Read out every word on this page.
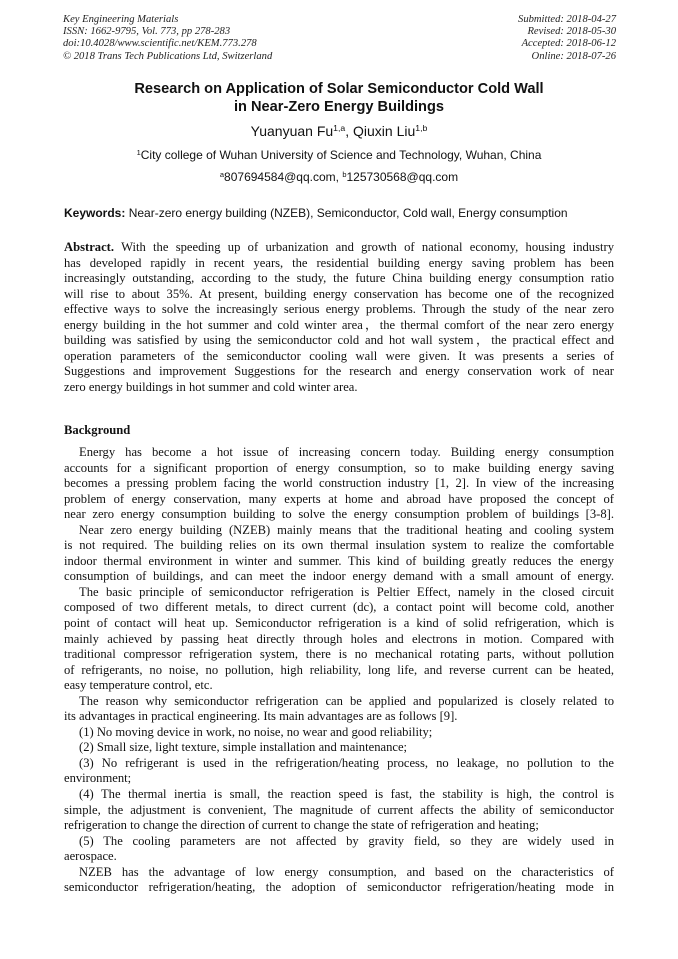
Key Engineering Materials
ISSN: 1662-9795, Vol. 773, pp 278-283
doi:10.4028/www.scientific.net/KEM.773.278
© 2018 Trans Tech Publications Ltd, Switzerland
Submitted: 2018-04-27
Revised: 2018-05-30
Accepted: 2018-06-12
Online: 2018-07-26
Research on Application of Solar Semiconductor Cold Wall
in Near-Zero Energy Buildings
Yuanyuan Fu$^{1,a}$, Qiuxin Liu$^{1,b}$
$^1$City college of Wuhan University of Science and Technology, Wuhan, China
$^a$807694584@qq.com, $^b$125730568@qq.com
Keywords: Near-zero energy building (NZEB), Semiconductor, Cold wall, Energy consumption
Abstract. With the speeding up of urbanization and growth of national economy, housing industry
has developed rapidly in recent years, the residential building energy saving problem has been
increasingly outstanding, according to the study, the future China building energy consumption ratio
will rise to about 35%. At present, building energy conservation has become one of the recognized
effective ways to solve the increasingly serious energy problems. Through the study of the near zero
energy building in the hot summer and cold winter area，the thermal comfort of the near zero energy
building was satisfied by using the semiconductor cold and hot wall system，the practical effect and
operation parameters of the semiconductor cooling wall were given. It was presents a series of
Suggestions and improvement Suggestions for the research and energy conservation work of near
zero energy buildings in hot summer and cold winter area.
Background
Energy has become a hot issue of increasing concern today. Building energy consumption
accounts for a significant proportion of energy consumption, so to make building energy saving
becomes a pressing problem facing the world construction industry [1, 2]. In view of the increasing
problem of energy conservation, many experts at home and abroad have proposed the concept of
near zero energy consumption building to solve the energy consumption problem of buildings [3-8].
Near zero energy building (NZEB) mainly means that the traditional heating and cooling system
is not required. The building relies on its own thermal insulation system to realize the comfortable
indoor thermal environment in winter and summer. This kind of building greatly reduces the energy
consumption of buildings, and can meet the indoor energy demand with a small amount of energy.
The basic principle of semiconductor refrigeration is Peltier Effect, namely in the closed circuit
composed of two different metals, to direct current (dc), a contact point will become cold, another
point of contact will heat up. Semiconductor refrigeration is a kind of solid refrigeration, which is
mainly achieved by passing heat directly through holes and electrons in motion. Compared with
traditional compressor refrigeration system, there is no mechanical rotating parts, without pollution
of refrigerants, no noise, no pollution, high reliability, long life, and reverse current can be heated,
easy temperature control, etc.
The reason why semiconductor refrigeration can be applied and popularized is closely related to
its advantages in practical engineering. Its main advantages are as follows [9].
(1) No moving device in work, no noise, no wear and good reliability;
(2) Small size, light texture, simple installation and maintenance;
(3) No refrigerant is used in the refrigeration/heating process, no leakage, no pollution to the
environment;
(4) The thermal inertia is small, the reaction speed is fast, the stability is high, the control is
simple, the adjustment is convenient, The magnitude of current affects the ability of semiconductor
refrigeration to change the direction of current to change the state of refrigeration and heating;
(5) The cooling parameters are not affected by gravity field, so they are widely used in
aerospace.
NZEB has the advantage of low energy consumption, and based on the characteristics of
semiconductor refrigeration/heating, the adoption of semiconductor refrigeration/heating mode in
